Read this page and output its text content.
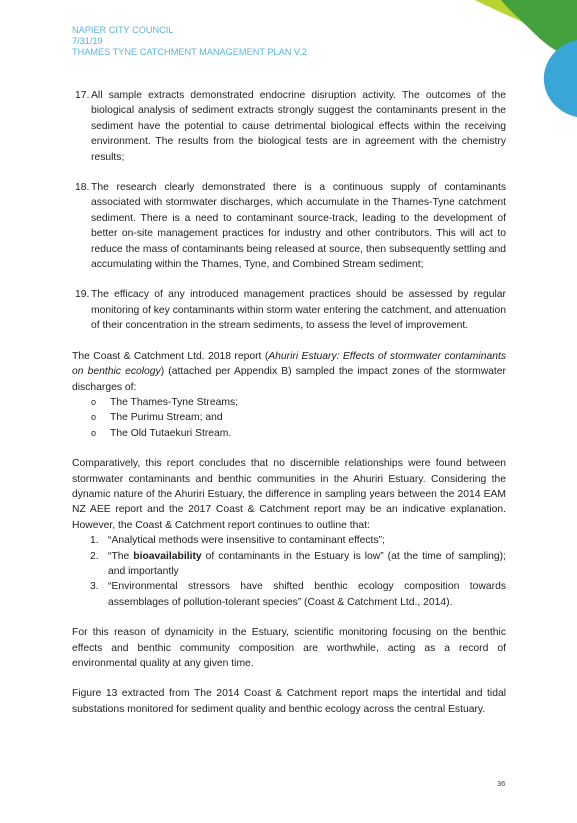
NAPIER CITY COUNCIL
7/31/19
THAMES TYNE CATCHMENT MANAGEMENT PLAN V.2
17. All sample extracts demonstrated endocrine disruption activity. The outcomes of the biological analysis of sediment extracts strongly suggest the contaminants present in the sediment have the potential to cause detrimental biological effects within the receiving environment. The results from the biological tests are in agreement with the chemistry results;
18. The research clearly demonstrated there is a continuous supply of contaminants associated with stormwater discharges, which accumulate in the Thames-Tyne catchment sediment. There is a need to contaminant source-track, leading to the development of better on-site management practices for industry and other contributors. This will act to reduce the mass of contaminants being released at source, then subsequently settling and accumulating within the Thames, Tyne, and Combined Stream sediment;
19. The efficacy of any introduced management practices should be assessed by regular monitoring of key contaminants within storm water entering the catchment, and attenuation of their concentration in the stream sediments, to assess the level of improvement.

The Coast & Catchment Ltd. 2018 report (Ahuriri Estuary: Effects of stormwater contaminants on benthic ecology) (attached per Appendix B) sampled the impact zones of the stormwater discharges of:

o The Thames-Tyne Streams;
o The Purimu Stream; and
o The Old Tutaekuri Stream.

Comparatively, this report concludes that no discernible relationships were found between stormwater contaminants and benthic communities in the Ahuriri Estuary. Considering the dynamic nature of the Ahuriri Estuary, the difference in sampling years between the 2014 EAM NZ AEE report and the 2017 Coast & Catchment report may be an indicative explanation. However, the Coast & Catchment report continues to outline that:

1. “Analytical methods were insensitive to contaminant effects”;
2. “The bioavailability of contaminants in the Estuary is low” (at the time of sampling); and importantly
3. “Environmental stressors have shifted benthic ecology composition towards assemblages of pollution-tolerant species” (Coast & Catchment Ltd., 2014).

For this reason of dynamicity in the Estuary, scientific monitoring focusing on the benthic effects and benthic community composition are worthwhile, acting as a record of environmental quality at any given time.

Figure 13 extracted from The 2014 Coast & Catchment report maps the intertidal and tidal substations monitored for sediment quality and benthic ecology across the central Estuary.

36
